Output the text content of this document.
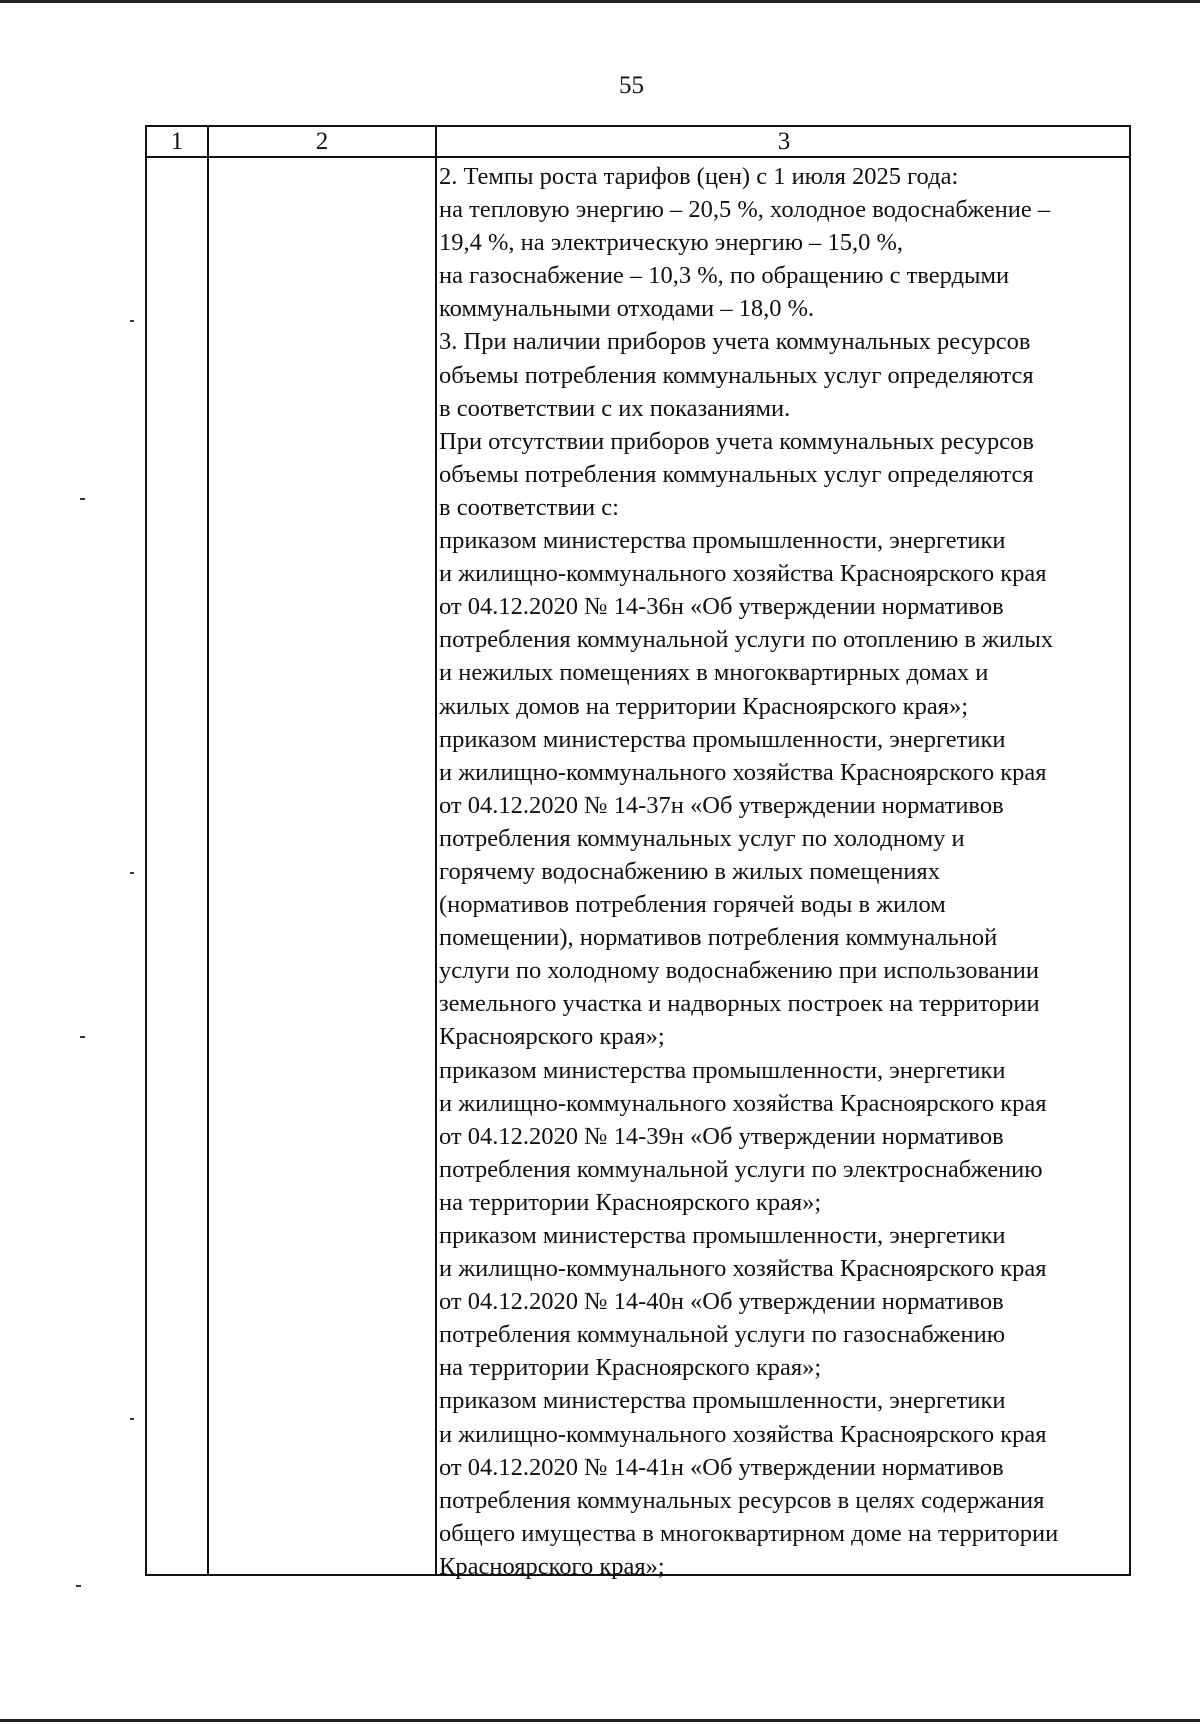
55
1	2	3
2. Темпы роста тарифов (цен) с 1 июля 2025 года:
на тепловую энергию – 20,5 %, холодное водоснабжение –
19,4 %, на электрическую энергию – 15,0 %,
на газоснабжение – 10,3 %, по обращению с твердыми
коммунальными отходами – 18,0 %.
3. При наличии приборов учета коммунальных ресурсов
объемы потребления коммунальных услуг определяются
в соответствии с их показаниями.
При отсутствии приборов учета коммунальных ресурсов
объемы потребления коммунальных услуг определяются
в соответствии с:
приказом министерства промышленности, энергетики
и жилищно-коммунального хозяйства Красноярского края
от 04.12.2020 № 14-36н «Об утверждении нормативов
потребления коммунальной услуги по отоплению в жилых
и нежилых помещениях в многоквартирных домах и
жилых домов на территории Красноярского края»;
приказом министерства промышленности, энергетики
и жилищно-коммунального хозяйства Красноярского края
от 04.12.2020 № 14-37н «Об утверждении нормативов
потребления коммунальных услуг по холодному и
горячему водоснабжению в жилых помещениях
(нормативов потребления горячей воды в жилом
помещении), нормативов потребления коммунальной
услуги по холодному водоснабжению при использовании
земельного участка и надворных построек на территории
Красноярского края»;
приказом министерства промышленности, энергетики
и жилищно-коммунального хозяйства Красноярского края
от 04.12.2020 № 14-39н «Об утверждении нормативов
потребления коммунальной услуги по электроснабжению
на территории Красноярского края»;
приказом министерства промышленности, энергетики
и жилищно-коммунального хозяйства Красноярского края
от 04.12.2020 № 14-40н «Об утверждении нормативов
потребления коммунальной услуги по газоснабжению
на территории Красноярского края»;
приказом министерства промышленности, энергетики
и жилищно-коммунального хозяйства Красноярского края
от 04.12.2020 № 14-41н «Об утверждении нормативов
потребления коммунальных ресурсов в целях содержания
общего имущества в многоквартирном доме на территории
Красноярского края»;
